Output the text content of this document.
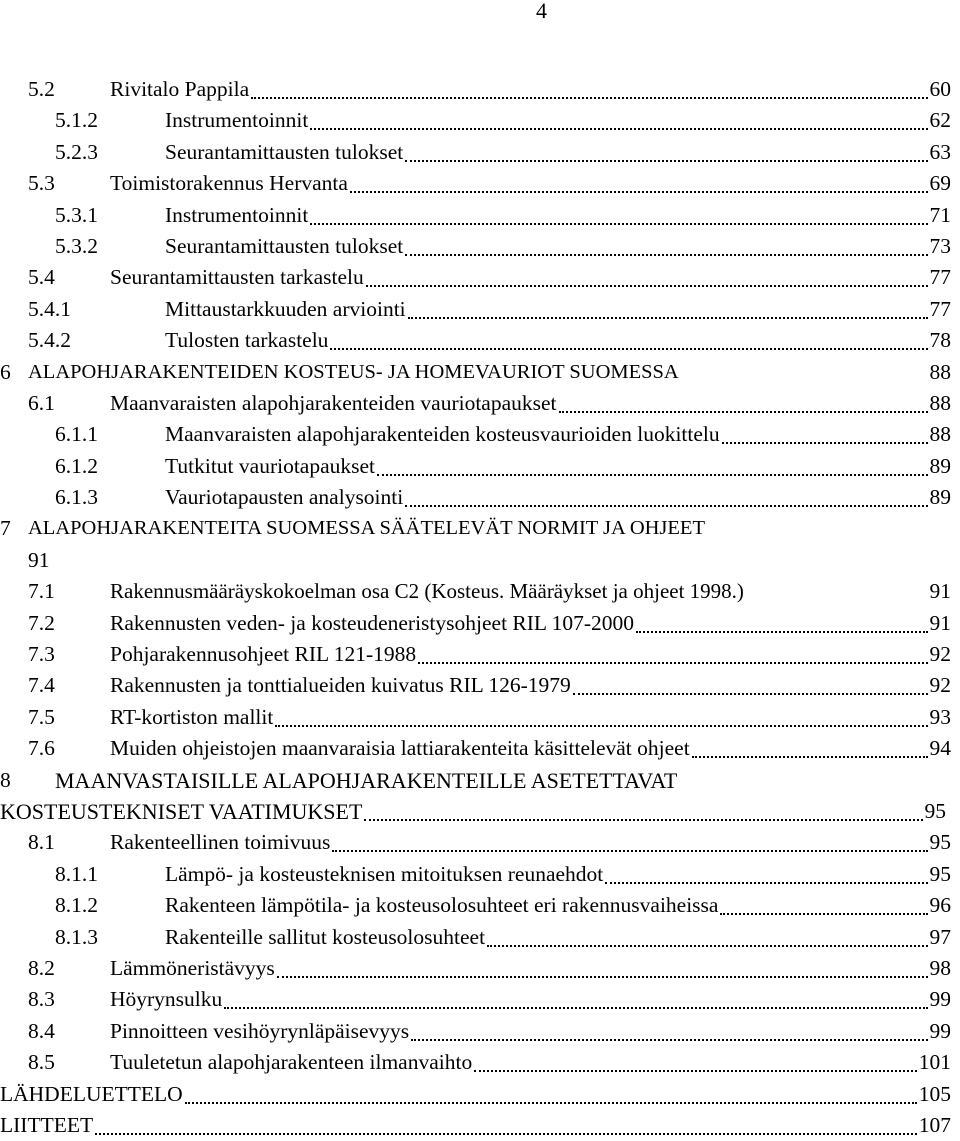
4
5.2	Rivitalo Pappila	60
5.1.2	Instrumentoinnit	62
5.2.3	Seurantamittausten tulokset	63
5.3	Toimistorakennus Hervanta	69
5.3.1	Instrumentoinnit	71
5.3.2	Seurantamittausten tulokset	73
5.4	Seurantamittausten tarkastelu	77
5.4.1	Mittaustarkkuuden arviointi	77
5.4.2	Tulosten tarkastelu	78
6 ALAPOHJARAKENTEIDEN KOSTEUS- JA HOMEVAURIOT SUOMESSA	88
6.1	Maanvaraisten alapohjarakenteiden vauriotapaukset	88
6.1.1	Maanvaraisten alapohjarakenteiden kosteusvaurioiden luokittelu	88
6.1.2	Tutkitut vauriotapaukset	89
6.1.3	Vauriotapausten analysointi	89
7 ALAPOHJARAKENTEITA SUOMESSA SÄÄTELEVÄT NORMIT JA OHJEET
91
7.1	Rakennusmääräyskokoelman osa C2 (Kosteus. Määräykset ja ohjeet 1998.)	91
7.2	Rakennusten veden- ja kosteudeneristysohjeet RIL 107-2000	91
7.3	Pohjarakennusohjeet RIL 121-1988	92
7.4	Rakennusten ja tonttialueiden kuivatus RIL 126-1979	92
7.5	RT-kortiston mallit	93
7.6	Muiden ohjeistojen maanvaraisia lattiarakenteita käsittelevät ohjeet	94
8 MAANVASTAISILLE ALAPOHJARAKENTEILLE ASETETTAVAT
KOSTEUSTEKNISET VAATIMUKSET	95
8.1	Rakenteellinen toimivuus	95
8.1.1	Lämpö- ja kosteusteknisen mitoituksen reunaehdot	95
8.1.2	Rakenteen lämpötila- ja kosteusolosuhteet eri rakennusvaiheissa	96
8.1.3	Rakenteille sallitut kosteusolosuhteet	97
8.2	Lämmöneristävyys	98
8.3	Höyrynsulku	99
8.4	Pinnoitteen vesihöyrynläpäisevyys	99
8.5	Tuuletetun alapohjarakenteen ilmanvaihto	101
LÄHDELUETTELO	105
LIITTEET	107
